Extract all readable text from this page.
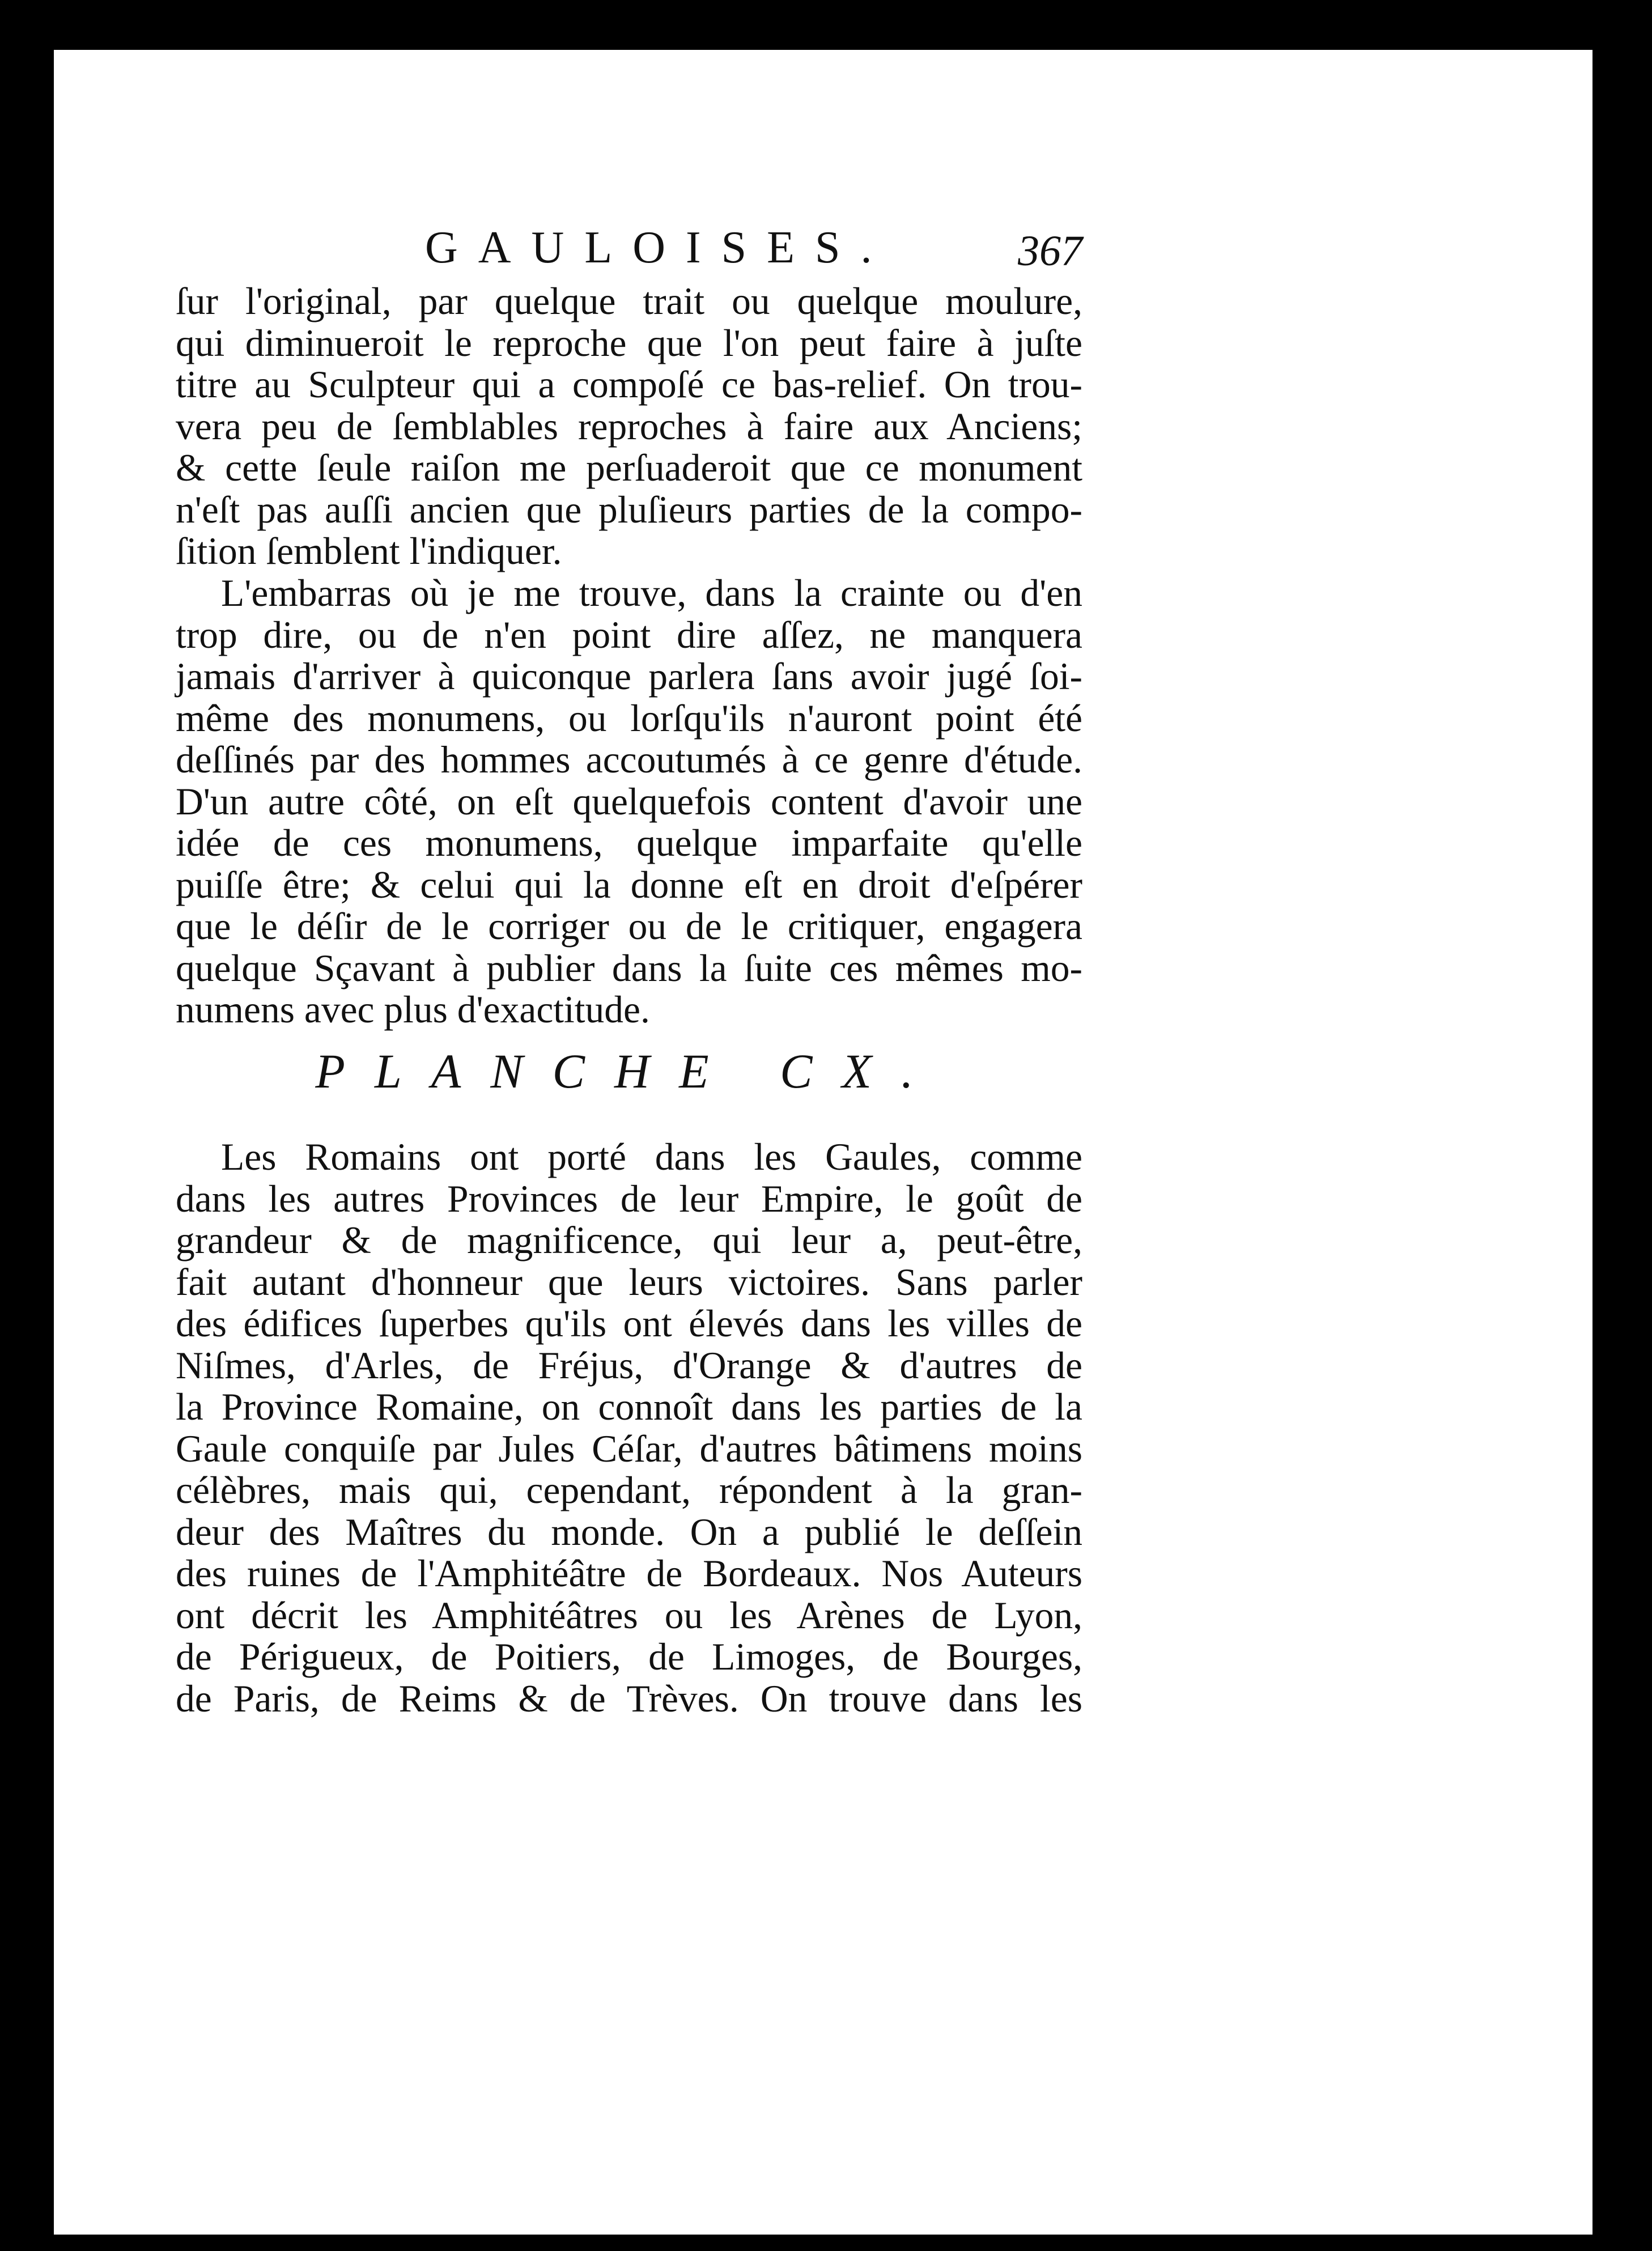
GAULOISES.	367
ſur l'original, par quelque trait ou quelque moulure,
qui diminueroit le reproche que l'on peut faire à juſte
titre au Sculpteur qui a compoſé ce bas-relief. On trou-
vera peu de ſemblables reproches à faire aux Anciens;
& cette ſeule raiſon me perſuaderoit que ce monument
n'eſt pas auſſi ancien que pluſieurs parties de la compo-
ſition ſemblent l'indiquer.
L'embarras où je me trouve, dans la crainte ou d'en
trop dire, ou de n'en point dire aſſez, ne manquera
jamais d'arriver à quiconque parlera ſans avoir jugé ſoi-
même des monumens, ou lorſqu'ils n'auront point été
deſſinés par des hommes accoutumés à ce genre d'étude.
D'un autre côté, on eſt quelquefois content d'avoir une
idée de ces monumens, quelque imparfaite qu'elle
puiſſe être; & celui qui la donne eſt en droit d'eſpérer
que le déſir de le corriger ou de le critiquer, engagera
quelque Sçavant à publier dans la ſuite ces mêmes mo-
numens avec plus d'exactitude.
PLANCHE CX.
Les Romains ont porté dans les Gaules, comme
dans les autres Provinces de leur Empire, le goût de
grandeur & de magnificence, qui leur a, peut-être,
fait autant d'honneur que leurs victoires. Sans parler
des édifices ſuperbes qu'ils ont élevés dans les villes de
Niſmes, d'Arles, de Fréjus, d'Orange & d'autres de
la Province Romaine, on connoît dans les parties de la
Gaule conquiſe par Jules Céſar, d'autres bâtimens moins
célèbres, mais qui, cependant, répondent à la gran-
deur des Maîtres du monde. On a publié le deſſein
des ruines de l'Amphitéâtre de Bordeaux. Nos Auteurs
ont décrit les Amphitéâtres ou les Arènes de Lyon,
de Périgueux, de Poitiers, de Limoges, de Bourges,
de Paris, de Reims & de Trèves. On trouve dans les
